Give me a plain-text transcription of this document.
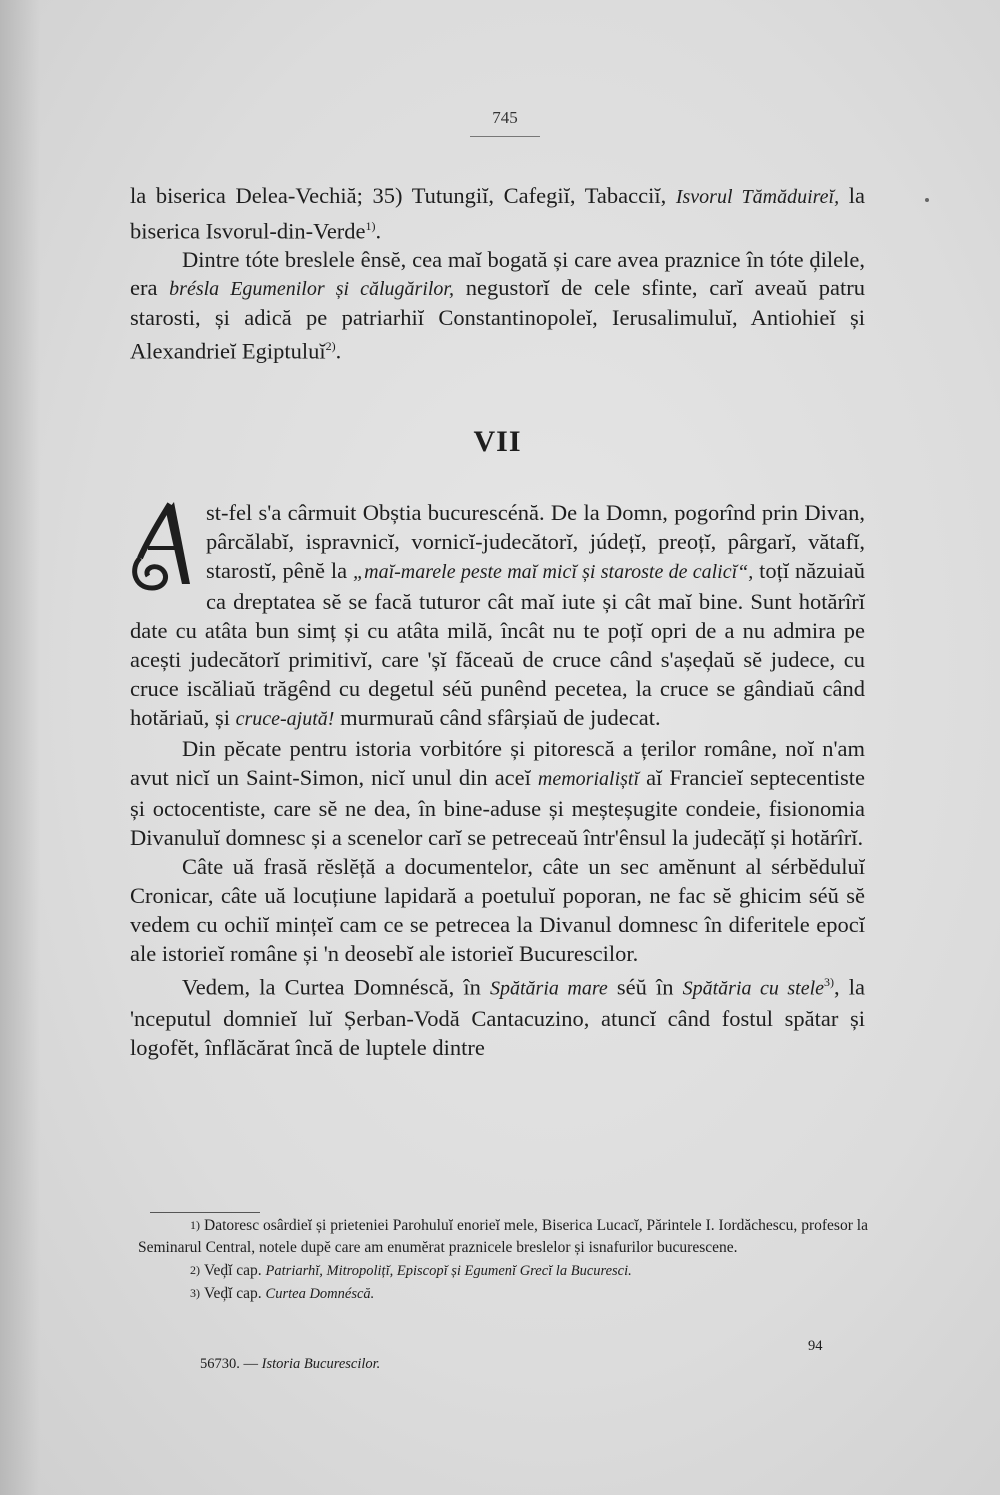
745

la biserica Delea-Vechiă; 35) Tutungiĭ, Cafegiĭ, Tabacciĭ, Isvorul Tămăduireĭ, la biserica Isvorul-din-Verde$^{1)}$.

Dintre tóte breslele ênsĕ, cea maĭ bogată și care avea praznice în tóte ḑilele, era brésla Egumenilor și călugărilor, negustorĭ de cele sfinte, carĭ aveaŭ patru starosti, și adică pe patriarhiĭ Constantinopoleĭ, Ierusalimuluĭ, Antiohieĭ și Alexandrieĭ Egiptuluĭ$^{2)}$.

VII

st-fel s'a cârmuit Obștia bucurescénă. De la Domn, pogorînd prin Divan, pârcălabĭ, ispravnicĭ, vornicĭ-judecătorĭ, júdețĭ, preoțĭ, pârgarĭ, vătafĭ, starostĭ, pênĕ la „maĭ-marele peste maĭ micĭ și staroste de calicĭ“, toțĭ năzuiaŭ ca dreptatea sĕ se facă tuturor cât maĭ iute și cât maĭ bine. Sunt hotărîrĭ date cu atâta bun simț și cu atâta milă, încât nu te poțĭ opri de a nu admira pe acești judecătorĭ primitivĭ, care 'șĭ făceaŭ de cruce când s'așeḑaŭ sĕ judece, cu cruce iscăliaŭ trăgênd cu degetul séŭ punênd pecetea, la cruce se gândiaŭ când hotăriaŭ, și cruce-ajută! murmuraŭ când sfârșiaŭ de judecat.

Din pĕcate pentru istoria vorbitóre și pitorescă a țerilor române, noĭ n'am avut nicĭ un Saint-Simon, nicĭ unul din aceĭ memorialiștĭ aĭ Francieĭ septecentiste și octocentiste, care sĕ ne dea, în bine-aduse și meșteșugite condeie, fisionomia Divanuluĭ domnesc și a scenelor carĭ se petreceaŭ într'ênsul la judecățĭ și hotărîrĭ.

Câte uă frasă rĕslĕță a documentelor, câte un sec amĕnunt al sérbĕduluĭ Cronicar, câte uă locuțiune lapidară a poetuluĭ poporan, ne fac sĕ ghicim séŭ sĕ vedem cu ochiĭ mințeĭ cam ce se petrecea la Divanul domnesc în diferitele epocĭ ale istorieĭ române și 'n deosebĭ ale istorieĭ Bucurescilor.

Vedem, la Curtea Domnéscă, în Spătăria mare séŭ în Spătăria cu stele$^{3)}$, la 'nceputul domnieĭ luĭ Șerban-Vodă Cantacuzino, atuncĭ când fostul spătar și logofĕt, înflăcărat încă de luptele dintre

1) Datoresc osârdieĭ și prieteniei Parohuluĭ enorieĭ mele, Biserica Lucacĭ, Părintele I. Iordăchescu, profesor la Seminarul Central, notele dupĕ care am enumĕrat praznicele breslelor și isnafurilor bucurescene.

2) Veḑĭ cap. Patriarhĭ, Mitropolițĭ, Episcopĭ și Egumenĭ Grecĭ la Bucuresci.

3) Veḑĭ cap. Curtea Domnéscă.

94
56730. — Istoria Bucurescilor.
